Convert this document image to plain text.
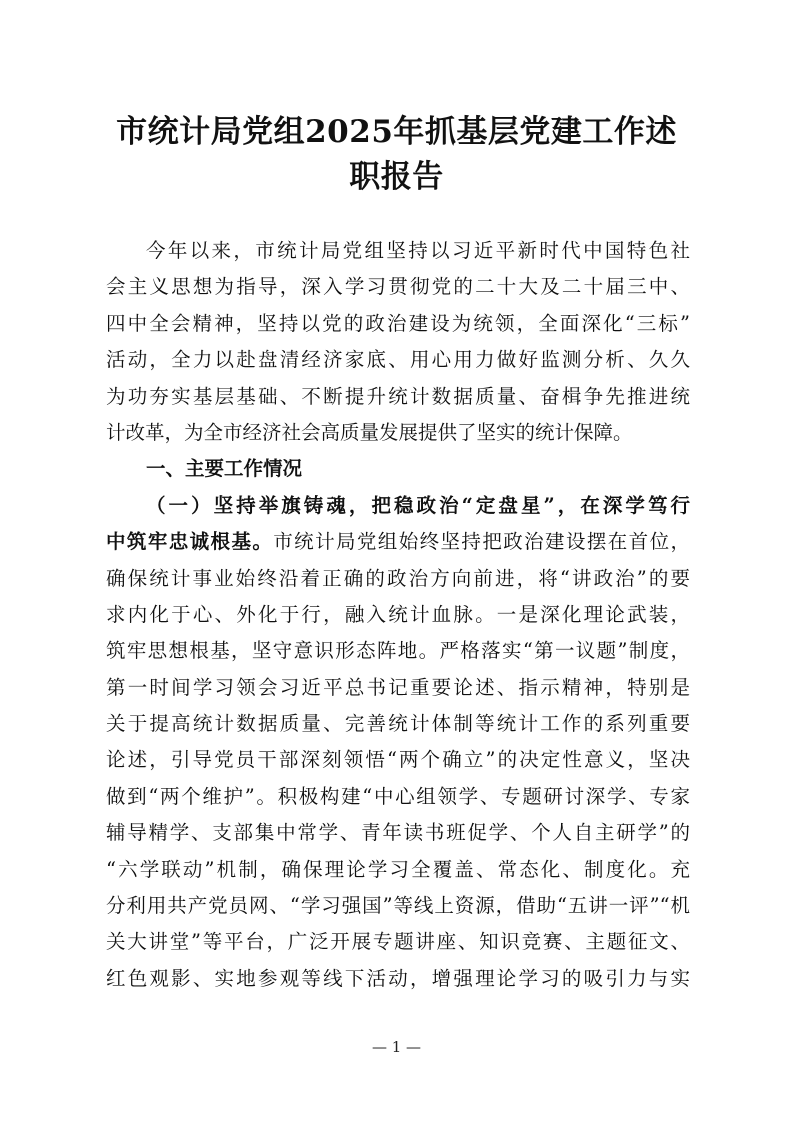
市统计局党组2025年抓基层党建工作述
职报告
今年以来，市统计局党组坚持以习近平新时代中国特色社
会主义思想为指导，深入学习贯彻党的二十大及二十届三中、
四中全会精神，坚持以党的政治建设为统领，全面深化“三标”
活动，全力以赴盘清经济家底、用心用力做好监测分析、久久
为功夯实基层基础、不断提升统计数据质量、奋楫争先推进统
计改革，为全市经济社会高质量发展提供了坚实的统计保障。
一、主要工作情况
（一）坚持举旗铸魂，把稳政治“定盘星”，在深学笃行
中筑牢忠诚根基。市统计局党组始终坚持把政治建设摆在首位，
确保统计事业始终沿着正确的政治方向前进，将“讲政治”的要
求内化于心、外化于行，融入统计血脉。一是深化理论武装，
筑牢思想根基，坚守意识形态阵地。严格落实“第一议题”制度，
第一时间学习领会习近平总书记重要论述、指示精神，特别是
关于提高统计数据质量、完善统计体制等统计工作的系列重要
论述，引导党员干部深刻领悟“两个确立”的决定性意义，坚决
做到“两个维护”。积极构建“中心组领学、专题研讨深学、专家
辅导精学、支部集中常学、青年读书班促学、个人自主研学”的
“六学联动”机制，确保理论学习全覆盖、常态化、制度化。充
分利用共产党员网、“学习强国”等线上资源，借助“五讲一评”“机
关大讲堂”等平台，广泛开展专题讲座、知识竞赛、主题征文、
红色观影、实地参观等线下活动，增强理论学习的吸引力与实
— 1 —
